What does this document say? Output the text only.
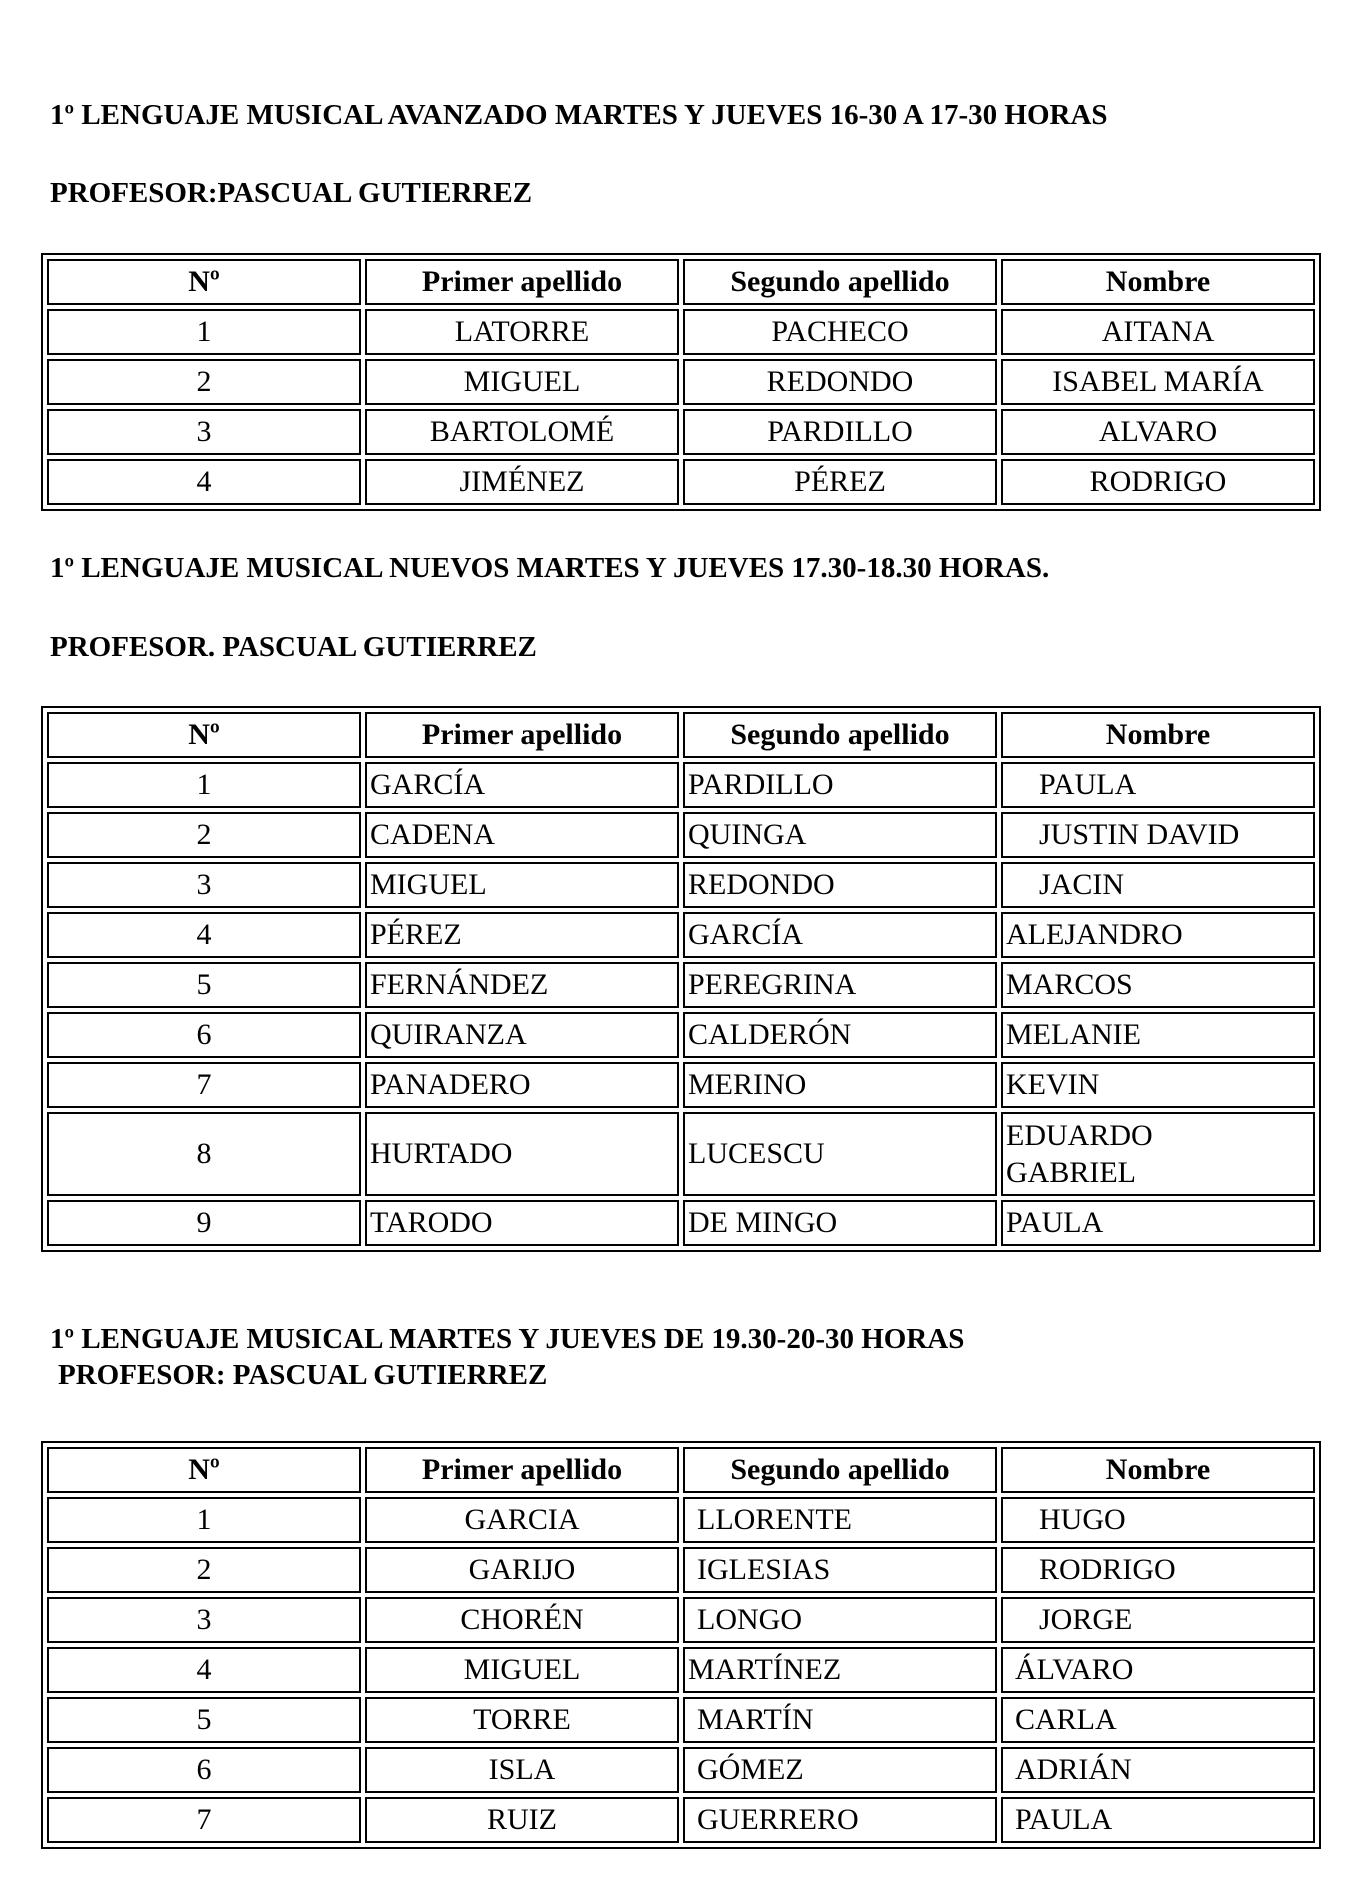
1º LENGUAJE MUSICAL AVANZADO MARTES Y JUEVES 16-30 A 17-30 HORAS

PROFESOR:PASCUAL GUTIERREZ

Nº	Primer apellido	Segundo apellido	Nombre
1	LATORRE	PACHECO	AITANA
2	MIGUEL	REDONDO	ISABEL MARÍA
3	BARTOLOMÉ	PARDILLO	ALVARO
4	JIMÉNEZ	PÉREZ	RODRIGO

1º LENGUAJE MUSICAL NUEVOS MARTES Y JUEVES 17.30-18.30 HORAS.

PROFESOR. PASCUAL GUTIERREZ

Nº	Primer apellido	Segundo apellido	Nombre
1	GARCÍA	PARDILLO	PAULA
2	CADENA	QUINGA	JUSTIN DAVID
3	MIGUEL	REDONDO	JACIN
4	PÉREZ	GARCÍA	ALEJANDRO
5	FERNÁNDEZ	PEREGRINA	MARCOS
6	QUIRANZA	CALDERÓN	MELANIE
7	PANADERO	MERINO	KEVIN
8	HURTADO	LUCESCU	EDUARDO GABRIEL
9	TARODO	DE MINGO	PAULA

1º LENGUAJE MUSICAL MARTES Y JUEVES DE 19.30-20-30 HORAS

PROFESOR: PASCUAL GUTIERREZ

Nº	Primer apellido	Segundo apellido	Nombre
1	GARCIA	LLORENTE	HUGO
2	GARIJO	IGLESIAS	RODRIGO
3	CHORÉN	LONGO	JORGE
4	MIGUEL	MARTÍNEZ	ÁLVARO
5	TORRE	MARTÍN	CARLA
6	ISLA	GÓMEZ	ADRIÁN
7	RUIZ	GUERRERO	PAULA
